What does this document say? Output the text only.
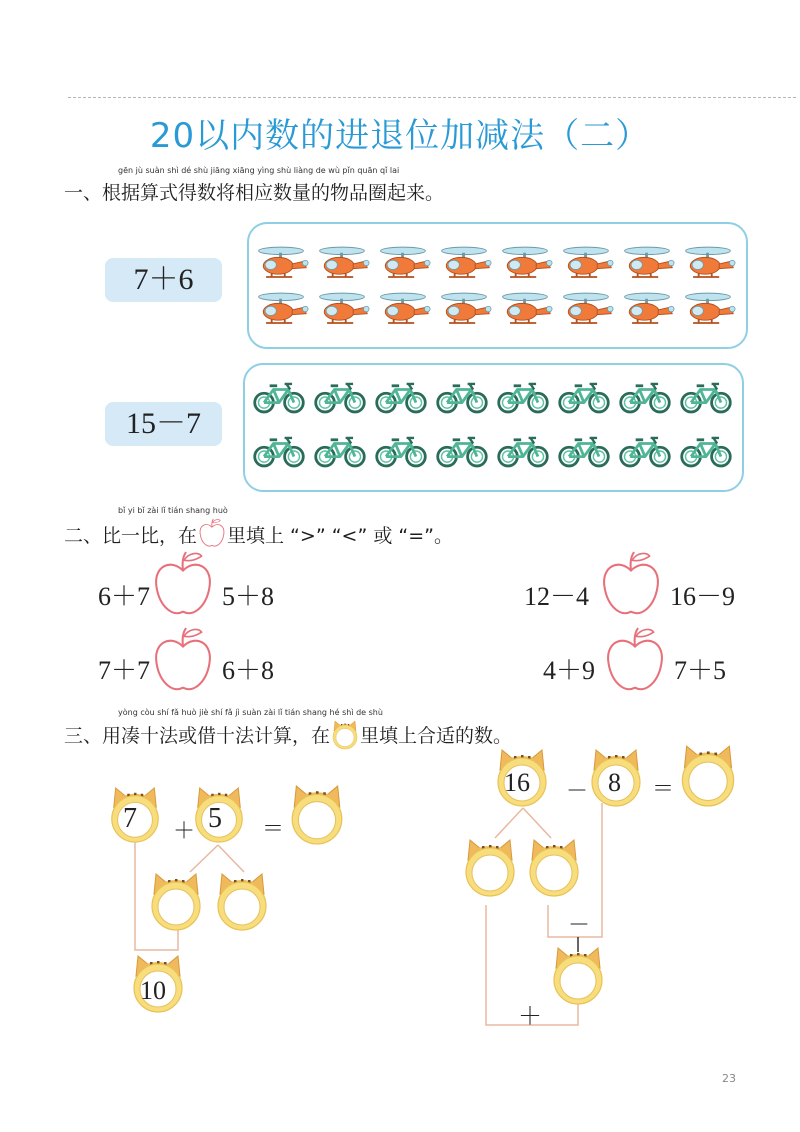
20以内数的进退位加减法（二）
gēn jù suàn shì dé shù jiāng xiāng yìng shù liàng de wù pǐn quān qǐ lai
一、根据算式得数将相应数量的物品圈起来。
7＋6
15－7
bǐ yi bǐ zài lǐ tián shang huò
二、比一比，在 里填上 “>” “<” 或 “=”。
6＋7	5＋8	12－4	16－9
7＋7	6＋8	4＋9	7＋5
yòng còu shí fǎ huò jiè shí fǎ jì suàn zài lǐ tián shang hé shì de shù
三、用凑十法或借十法计算，在 里填上合适的数。
7 ＋ 5 ＝
10
16 － 8 ＝
－
＋
23
